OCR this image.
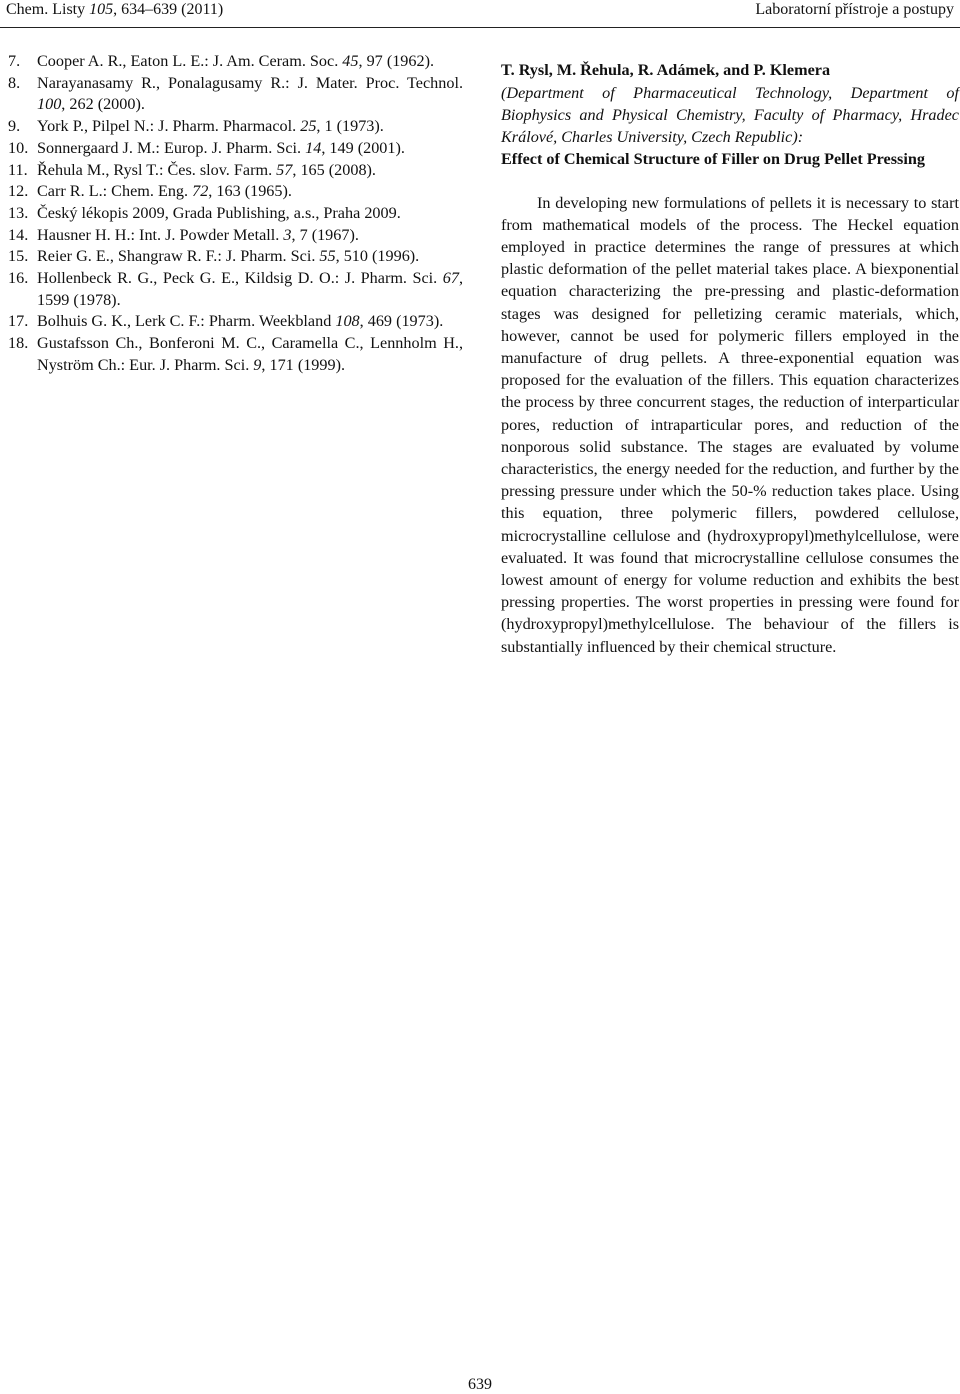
Chem. Listy 105, 634–639 (2011)	Laboratorní přístroje a postupy
7. Cooper A. R., Eaton L. E.: J. Am. Ceram. Soc. 45, 97 (1962).
8. Narayanasamy R., Ponalagusamy R.: J. Mater. Proc. Technol. 100, 262 (2000).
9. York P., Pilpel N.: J. Pharm. Pharmacol. 25, 1 (1973).
10. Sonnergaard J. M.: Europ. J. Pharm. Sci. 14, 149 (2001).
11. Řehula M., Rysl T.: Čes. slov. Farm. 57, 165 (2008).
12. Carr R. L.: Chem. Eng. 72, 163 (1965).
13. Český lékopis 2009, Grada Publishing, a.s., Praha 2009.
14. Hausner H. H.: Int. J. Powder Metall. 3, 7 (1967).
15. Reier G. E., Shangraw R. F.: J. Pharm. Sci. 55, 510 (1996).
16. Hollenbeck R. G., Peck G. E., Kildsig D. O.: J. Pharm. Sci. 67, 1599 (1978).
17. Bolhuis G. K., Lerk C. F.: Pharm. Weekbland 108, 469 (1973).
18. Gustafsson Ch., Bonferoni M. C., Caramella C., Lennholm H., Nyström Ch.: Eur. J. Pharm. Sci. 9, 171 (1999).
T. Rysl, M. Řehula, R. Adámek, and P. Klemera
(Department of Pharmaceutical Technology, Department of Biophysics and Physical Chemistry, Faculty of Pharmacy, Hradec Králové, Charles University, Czech Republic):
Effect of Chemical Structure of Filler on Drug Pellet Pressing
In developing new formulations of pellets it is necessary to start from mathematical models of the process. The Heckel equation employed in practice determines the range of pressures at which plastic deformation of the pellet material takes place. A biexponential equation characterizing the pre-pressing and plastic-deformation stages was designed for pelletizing ceramic materials, which, however, cannot be used for polymeric fillers employed in the manufacture of drug pellets. A three-exponential equation was proposed for the evaluation of the fillers. This equation characterizes the process by three concurrent stages, the reduction of interparticular pores, reduction of intraparticular pores, and reduction of the nonporous solid substance. The stages are evaluated by volume characteristics, the energy needed for the reduction, and further by the pressing pressure under which the 50-% reduction takes place. Using this equation, three polymeric fillers, powdered cellulose, microcrystalline cellulose and (hydroxypropyl)methylcellulose, were evaluated. It was found that microcrystalline cellulose consumes the lowest amount of energy for volume reduction and exhibits the best pressing properties. The worst properties in pressing were found for (hydroxypropyl)methylcellulose. The behaviour of the fillers is substantially influenced by their chemical structure.
639
